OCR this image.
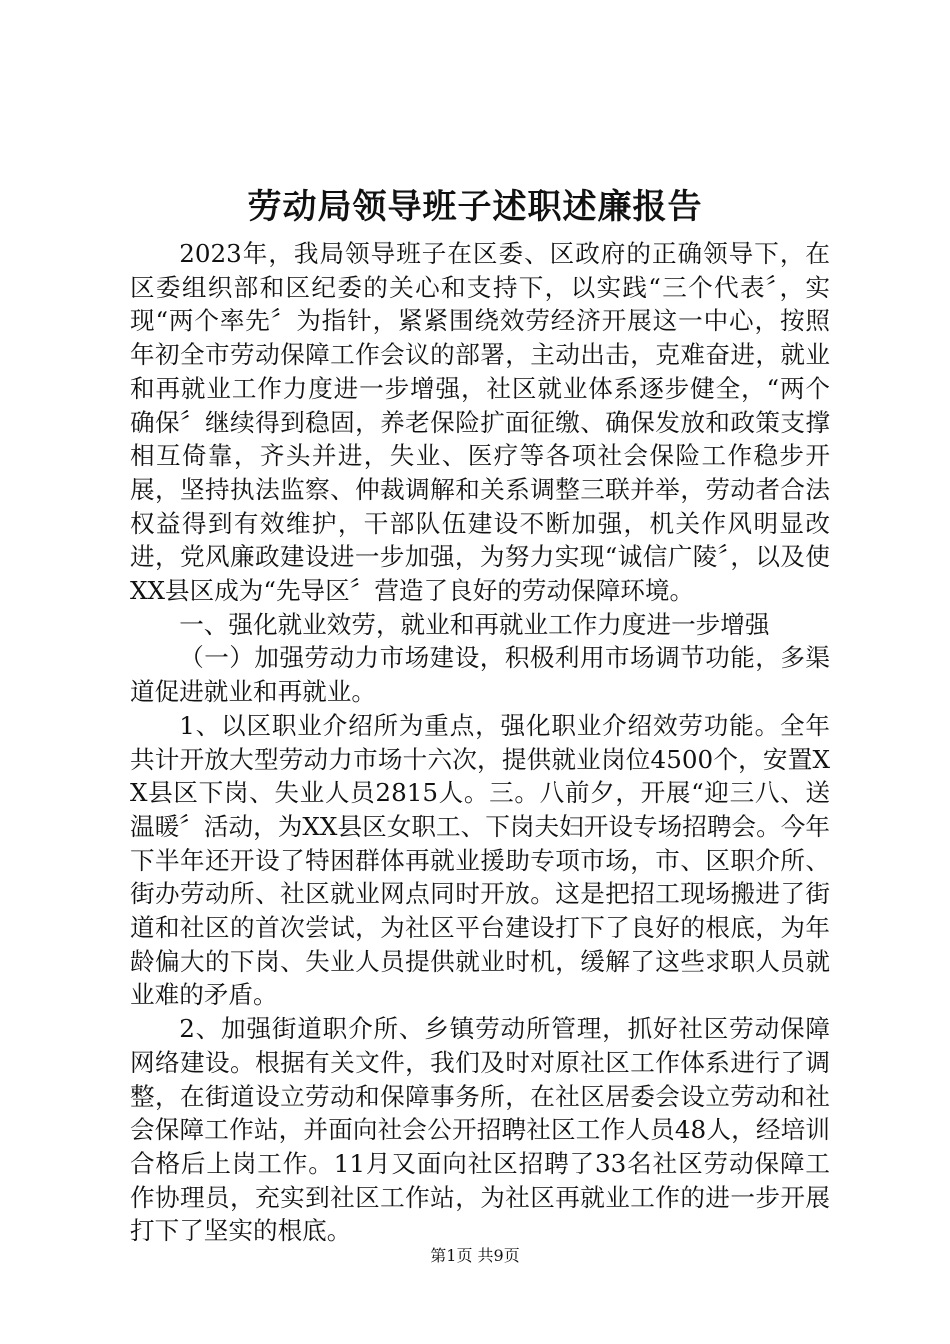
劳动局领导班子述职述廉报告

2023年，我局领导班子在区委、区政府的正确领导下，在区委组织部和区纪委的关心和支持下，以实践“三个代表〞，实现“两个率先〞为指针，紧紧围绕效劳经济开展这一中心，按照年初全市劳动保障工作会议的部署，主动出击，克难奋进，就业和再就业工作力度进一步增强，社区就业体系逐步健全，“两个确保〞继续得到稳固，养老保险扩面征缴、确保发放和政策支撑相互倚靠，齐头并进，失业、医疗等各项社会保险工作稳步开展，坚持执法监察、仲裁调解和关系调整三联并举，劳动者合法权益得到有效维护，干部队伍建设不断加强，机关作风明显改进，党风廉政建设进一步加强，为努力实现“诚信广陵〞，以及使XX县区成为“先导区〞营造了良好的劳动保障环境。

一、强化就业效劳，就业和再就业工作力度进一步增强

（一）加强劳动力市场建设，积极利用市场调节功能，多渠道促进就业和再就业。

1、以区职业介绍所为重点，强化职业介绍效劳功能。全年共计开放大型劳动力市场十六次，提供就业岗位4500个，安置XX县区下岗、失业人员2815人。三。八前夕，开展“迎三八、送温暖〞活动，为XX县区女职工、下岗夫妇开设专场招聘会。今年下半年还开设了特困群体再就业援助专项市场，市、区职介所、街办劳动所、社区就业网点同时开放。这是把招工现场搬进了街道和社区的首次尝试，为社区平台建设打下了良好的根底，为年龄偏大的下岗、失业人员提供就业时机，缓解了这些求职人员就业难的矛盾。

2、加强街道职介所、乡镇劳动所管理，抓好社区劳动保障网络建设。根据有关文件，我们及时对原社区工作体系进行了调整，在街道设立劳动和保障事务所，在社区居委会设立劳动和社会保障工作站，并面向社会公开招聘社区工作人员48人，经培训合格后上岗工作。11月又面向社区招聘了33名社区劳动保障工作协理员，充实到社区工作站，为社区再就业工作的进一步开展打下了坚实的根底。

第1页 共9页
